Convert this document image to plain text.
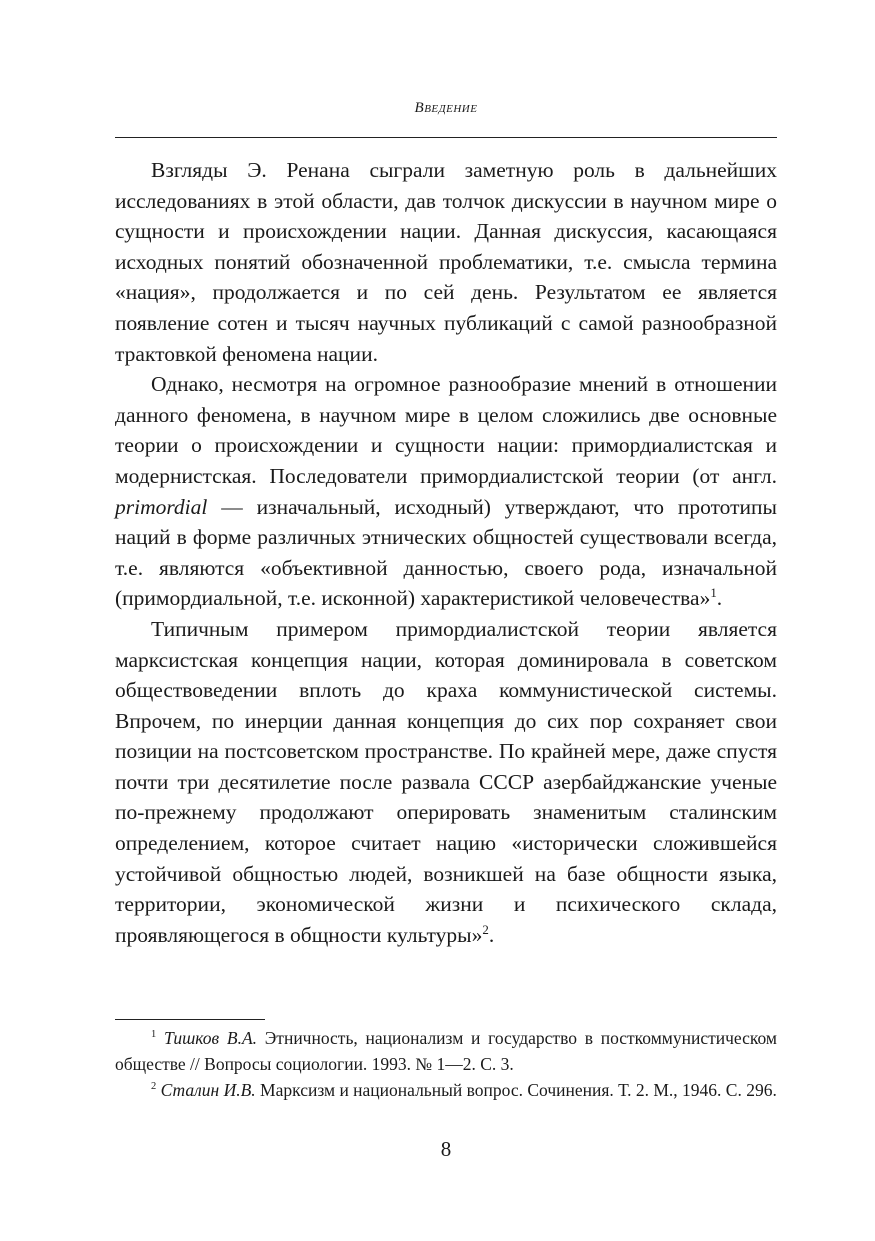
Введение

Взгляды Э. Ренана сыграли заметную роль в дальнейших исследованиях в этой области, дав толчок дискуссии в научном мире о сущности и происхождении нации. Данная дискуссия, касающаяся исходных понятий обозначенной проблематики, т.е. смысла термина «нация», продолжается и по сей день. Результатом ее является появление сотен и тысяч научных публикаций с самой разнообразной трактовкой феномена нации.

Однако, несмотря на огромное разнообразие мнений в отношении данного феномена, в научном мире в целом сложились две основные теории о происхождении и сущности нации: примордиалистская и модернистская. Последователи примордиалистской теории (от англ. primordial — изначальный, исходный) утверждают, что прототипы наций в форме различных этнических общностей существовали всегда, т.е. являются «объективной данностью, своего рода, изначальной (примордиальной, т.е. исконной) характеристикой человечества»$^1$.

Типичным примером примордиалистской теории является марксистская концепция нации, которая доминировала в советском обществоведении вплоть до краха коммунистической системы. Впрочем, по инерции данная концепция до сих пор сохраняет свои позиции на постсоветском пространстве. По крайней мере, даже спустя почти три десятилетие после развала СССР азербайджанские ученые по-прежнему продолжают оперировать знаменитым сталинским определением, которое считает нацию «исторически сложившейся устойчивой общностью людей, возникшей на базе общности языка, территории, экономической жизни и психического склада, проявляющегося в общности культуры»$^2$.

$^1$ Тишков В.А. Этничность, национализм и государство в посткоммунистическом обществе // Вопросы социологии. 1993. № 1—2. С. 3.

$^2$ Сталин И.В. Марксизм и национальный вопрос. Сочинения. Т. 2. М., 1946. С. 296.

8
